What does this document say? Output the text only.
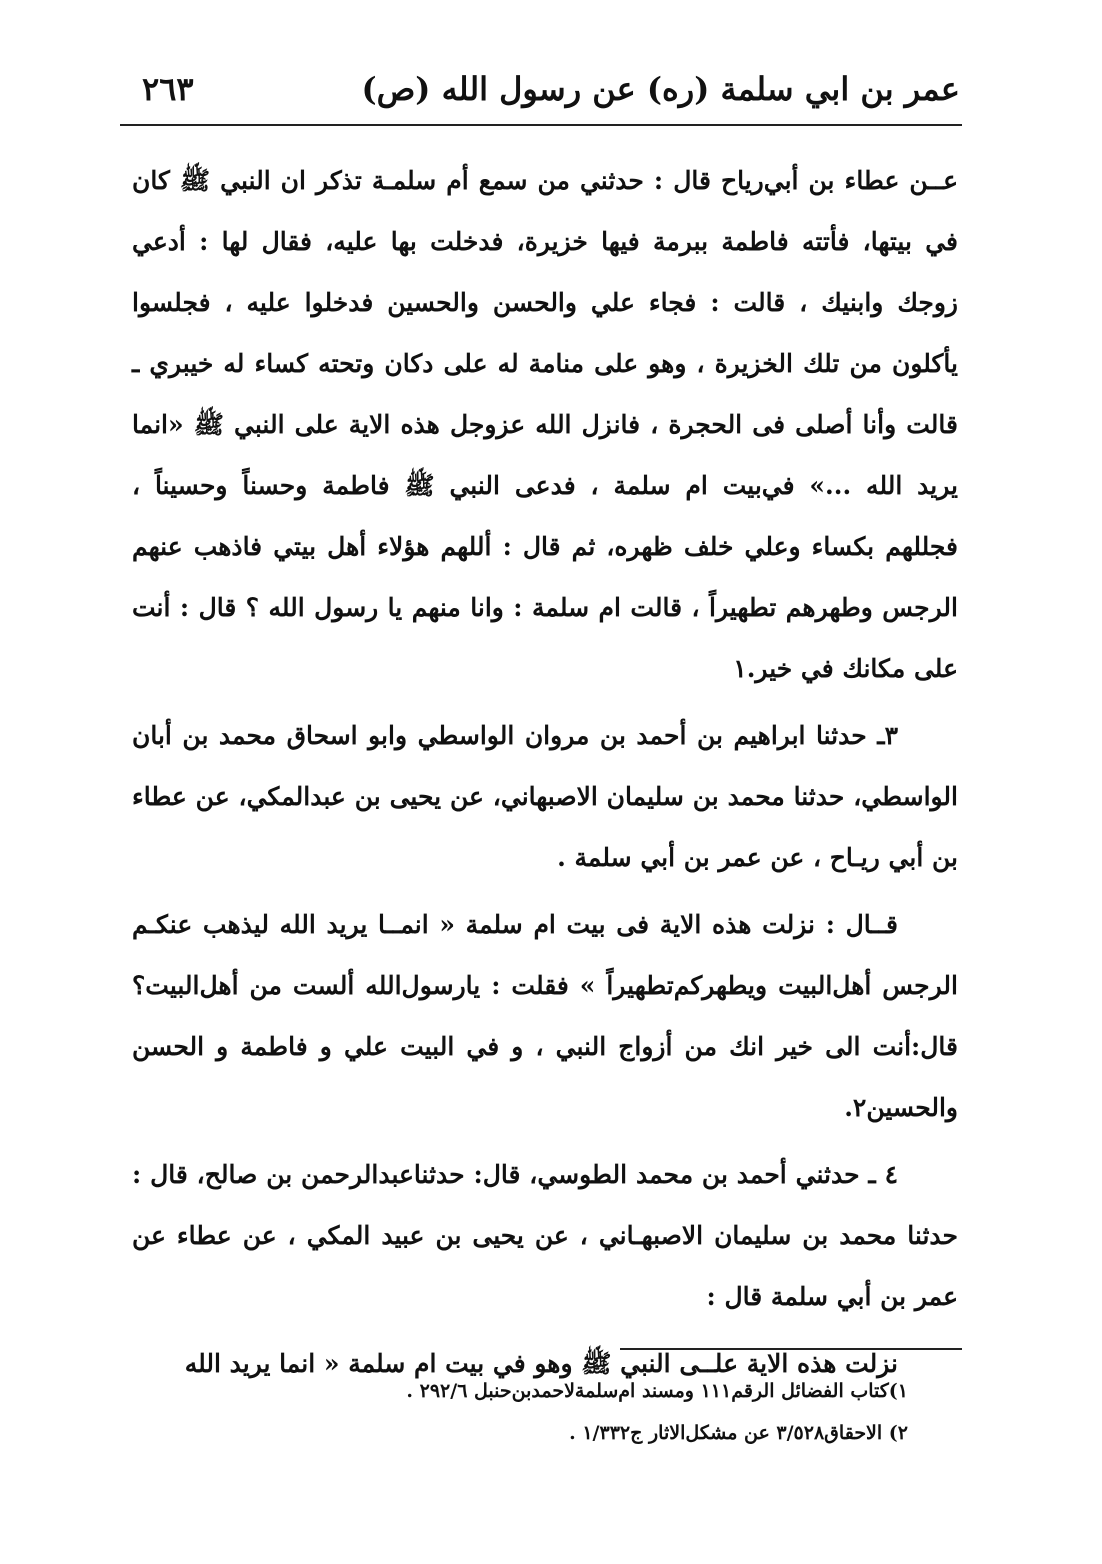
عمر بن ابي سلمة (ره) عن رسول الله (ص)
٢٦٣

عــن عطاء بن أبي‌رياح قال : حدثني من سمع أم سلمـة تذكر ان النبي ﷺ كان في بيتها، فأتته فاطمة ببرمة فيها خزيرة، فدخلت بها عليه، فقال لها : أدعي زوجك وابنيك ، قالت : فجاء علي والحسن والحسين فدخلوا عليه ، فجلسوا يأكلون من تلك الخزيرة ، وهو على منامة له على دكان وتحته كساء له خيبري ـ قالت وأنا أصلى فى الحجرة ، فانزل الله عزوجل هذه الاية على النبي ﷺ «انما يريد الله ...» في‌بيت ام سلمة ، فدعى النبي ﷺ فاطمة وحسناً وحسيناً ، فجللهم بكساء وعلي خلف ظهره، ثم قال : أللهم هؤلاء أهل بيتي فاذهب عنهم الرجس وطهرهم تطهيراً ، قالت ام سلمة : وانا منهم يا رسول الله ؟ قال : أنت على مكانك في خير.١

٣ـ حدثنا ابراهيم بن أحمد بن مروان الواسطي وابو اسحاق محمد بن أبان الواسطي، حدثنا محمد بن سليمان الاصبهاني، عن يحيى بن عبدالمكي، عن عطاء بن أبي ريـاح ، عن عمر بن أبي سلمة .

قــال : نزلت هذه الاية فى بيت ام سلمة « انمــا يريد الله ليذهب عنكـم الرجس أهل‌البيت ويطهركم‌تطهيراً » فقلت : يارسول‌الله ألست من أهل‌البيت؟ قال:أنت الى خير انك من أزواج النبي ، و في البيت علي و فاطمة و الحسن والحسين٢.

٤ ـ حدثني أحمد بن محمد الطوسي، قال: حدثناعبدالرحمن بن صالح، قال : حدثنا محمد بن سليمان الاصبهـاني ، عن يحيى بن عبيد المكي ، عن عطاء عن عمر بن أبي سلمة قال :

نزلت هذه الاية علــى النبي ﷺ وهو في بيت ام سلمة « انما يريد الله

١)كتاب الفضائل الرقم١١١ ومسند ام‌سلمةلاحمدبن‌حنبل ٢٩٢/٦ .
٢) الاحقاق٣/٥٢٨ عن مشكل‌الاثار ج١/٣٣٢ .
